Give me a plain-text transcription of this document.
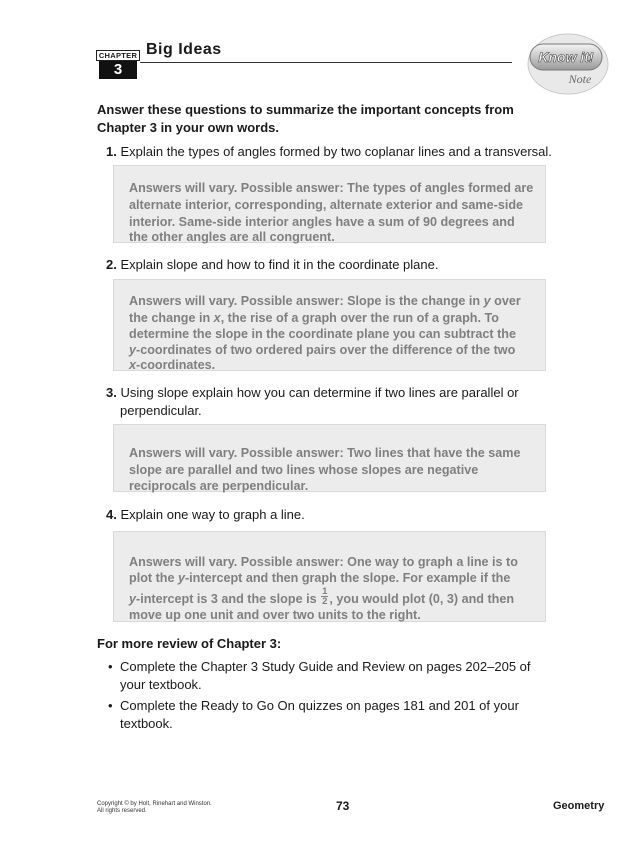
CHAPTER
3
Big Ideas	Know it!
Note
Answer these questions to summarize the important concepts from Chapter 3 in your own words.
1. Explain the types of angles formed by two coplanar lines and a transversal.

Answers will vary. Possible answer: The types of angles formed are

alternate interior, corresponding, alternate exterior and same-side

interior. Same-side interior angles have a sum of 90 degrees and

the other angles are all congruent.

2. Explain slope and how to find it in the coordinate plane.

Answers will vary. Possible answer: Slope is the change in y over

the change in x, the rise of a graph over the run of a graph. To

determine the slope in the coordinate plane you can subtract the

y-coordinates of two ordered pairs over the difference of the two

x-coordinates.

3. Using slope explain how you can determine if two lines are parallel or
perpendicular.

Answers will vary. Possible answer: Two lines that have the same

slope are parallel and two lines whose slopes are negative

reciprocals are perpendicular.

4. Explain one way to graph a line.

Answers will vary. Possible answer: One way to graph a line is to

plot the y-intercept and then graph the slope. For example if the

y-intercept is 3 and the slope is $\frac{1}{2}$ , you would plot (0, 3) and then

move up one unit and over two units to the right.

For more review of Chapter 3:
• Complete the Chapter 3 Study Guide and Review on pages 202–205 of
your textbook.
• Complete the Ready to Go On quizzes on pages 181 and 201 of your
textbook.
Copyright © by Holt, Rinehart and Winston.
All rights reserved.	73	Geometry
